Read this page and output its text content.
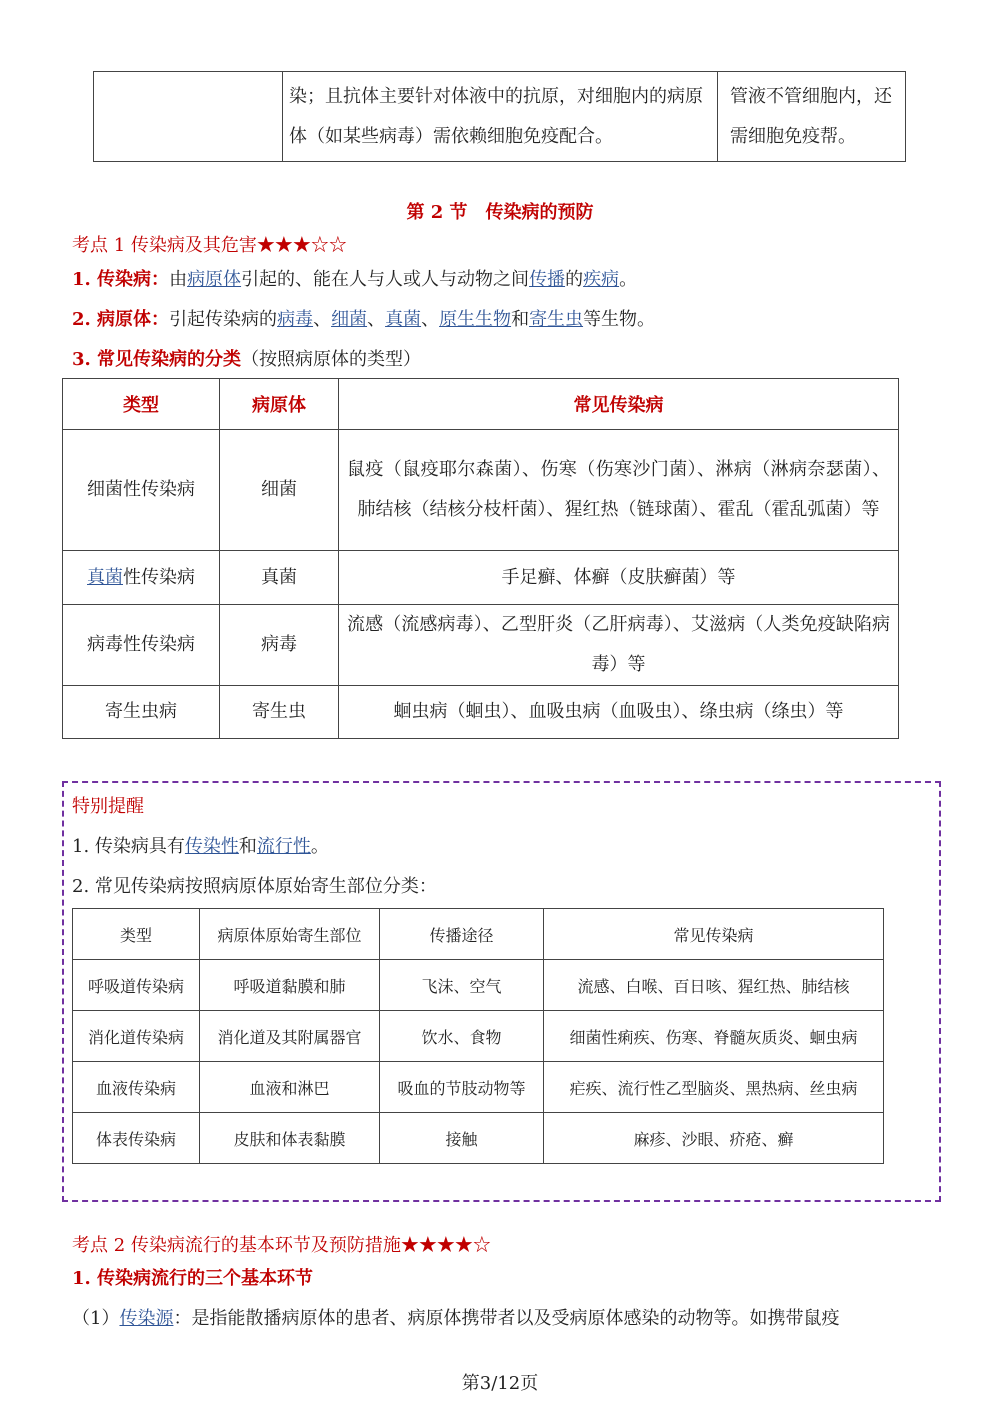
	染；且抗体主要针对体液中的抗原，对细胞内的病原体（如某些病毒）需依赖细胞免疫配合。	管液不管细胞内，还需细胞免疫帮。
第 2 节　传染病的预防
考点 1 传染病及其危害★★★☆☆
1. 传染病：由病原体引起的、能在人与人或人与动物之间传播的疾病。
2. 病原体：引起传染病的病毒、细菌、真菌、原生生物和寄生虫等生物。
3. 常见传染病的分类（按照病原体的类型）
类型	病原体	常见传染病
细菌性传染病	细菌	鼠疫（鼠疫耶尔森菌）、伤寒（伤寒沙门菌）、淋病（淋病奈瑟菌）、肺结核（结核分枝杆菌）、猩红热（链球菌）、霍乱（霍乱弧菌）等
真菌性传染病	真菌	手足癣、体癣（皮肤癣菌）等
病毒性传染病	病毒	流感（流感病毒）、乙型肝炎（乙肝病毒）、艾滋病（人类免疫缺陷病毒）等
寄生虫病	寄生虫	蛔虫病（蛔虫）、血吸虫病（血吸虫）、绦虫病（绦虫）等
特别提醒
1. 传染病具有传染性和流行性。
2. 常见传染病按照病原体原始寄生部位分类：
类型	病原体原始寄生部位	传播途径	常见传染病
呼吸道传染病	呼吸道黏膜和肺	飞沫、空气	流感、白喉、百日咳、猩红热、肺结核
消化道传染病	消化道及其附属器官	饮水、食物	细菌性痢疾、伤寒、脊髓灰质炎、蛔虫病
血液传染病	血液和淋巴	吸血的节肢动物等	疟疾、流行性乙型脑炎、黑热病、丝虫病
体表传染病	皮肤和体表黏膜	接触	麻疹、沙眼、疥疮、癣
考点 2 传染病流行的基本环节及预防措施★★★★☆
1. 传染病流行的三个基本环节
（1）传染源：是指能散播病原体的患者、病原体携带者以及受病原体感染的动物等。如携带鼠疫
第3/12页
